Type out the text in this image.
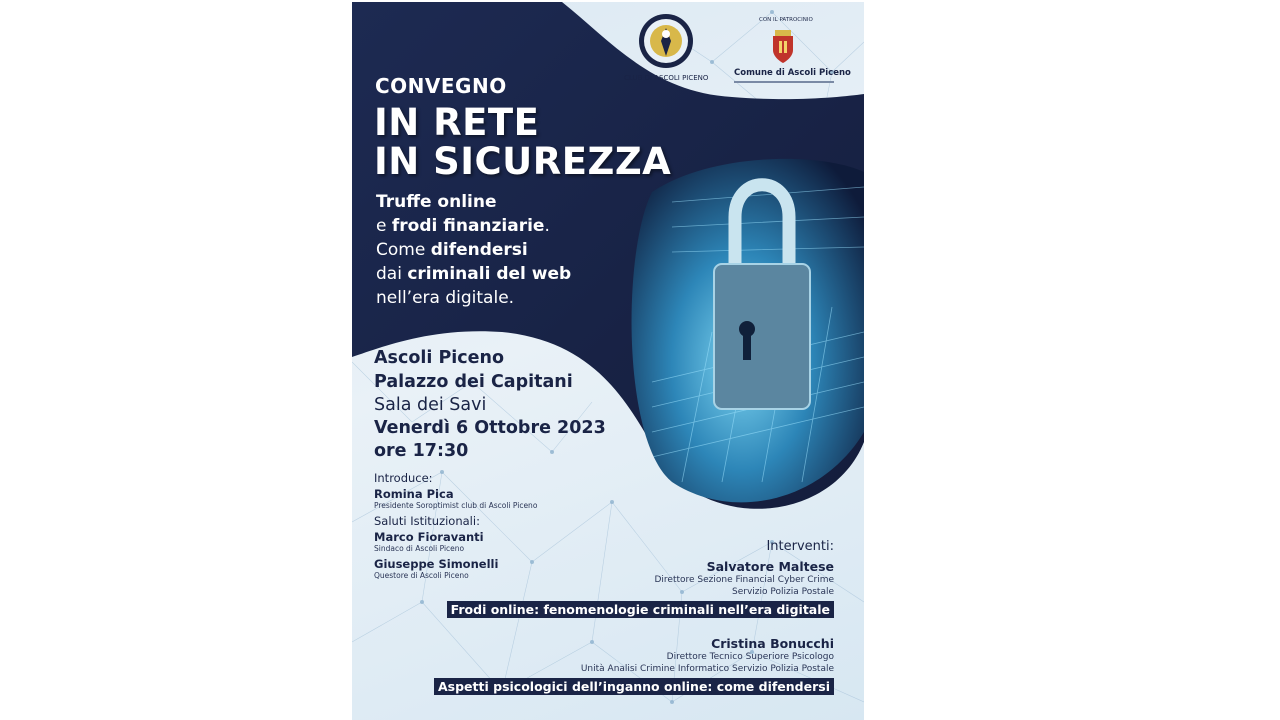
CLUB DI ASCOLI PICENO
CON IL PATROCINIO
Comune di Ascoli Piceno
CONVEGNO
IN RETE
IN SICUREZZA
Truffe online
e frodi finanziarie.
Come difendersi
dai criminali del web
nell’era digitale.
Ascoli Piceno
Palazzo dei Capitani
Sala dei Savi
Venerdì 6 Ottobre 2023
ore 17:30
Introduce:
Romina Pica
Presidente Soroptimist club di Ascoli Piceno
Saluti Istituzionali:
Marco Fioravanti
Sindaco di Ascoli Piceno
Giuseppe Simonelli
Questore di Ascoli Piceno
Interventi:
Salvatore Maltese
Direttore Sezione Financial Cyber Crime
Servizio Polizia Postale
Frodi online: fenomenologie criminali nell’era digitale
Cristina Bonucchi
Direttore Tecnico Superiore Psicologo
Unità Analisi Crimine Informatico Servizio Polizia Postale
Aspetti psicologici dell’inganno online: come difendersi
